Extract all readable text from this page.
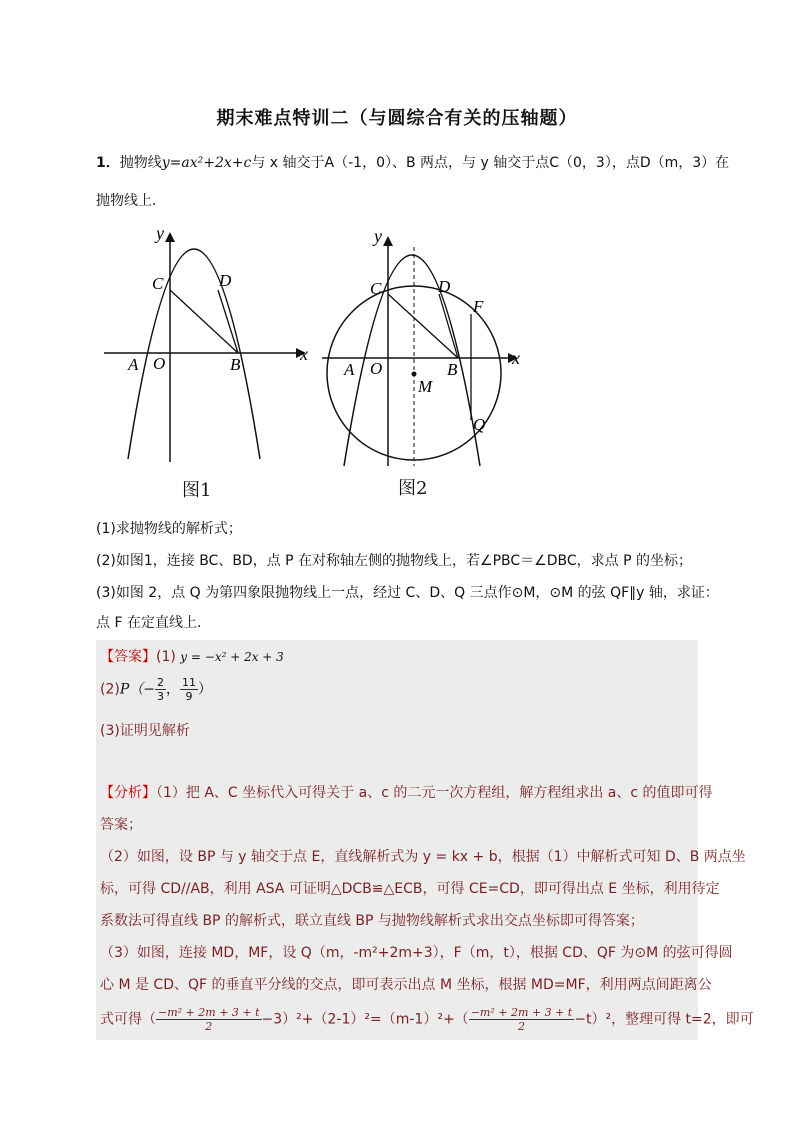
期末难点特训二（与圆综合有关的压轴题）
1．抛物线y=ax²+2x+c与 x 轴交于A（-1，0）、B 两点，与 y 轴交于点C（0，3），点D（m，3）在
抛物线上．
y
x
C	D
A O	B
图1
y
x
C	D
F
A O	B
M
Q
图2
(1)求抛物线的解析式；
(2)如图1，连接 BC、BD，点 P 在对称轴左侧的抛物线上，若∠PBC＝∠DBC，求点 P 的坐标；
(3)如图 2，点 Q 为第四象限抛物线上一点，经过 C、D、Q 三点作⊙M，⊙M 的弦 QF∥y 轴，求证：
点 F 在定直线上．
【答案】(1) y = −x² + 2x + 3
$(2)P(- \frac{2}{3}$ ， $\frac{11}{9}$ ）
(3)证明见解析
【分析】（1）把 A、C 坐标代入可得关于 a、c 的二元一次方程组，解方程组求出 a、c 的值即可得
答案；
（2）如图，设 BP 与 y 轴交于点 E，直线解析式为 y = kx + b，根据（1）中解析式可知 D、B 两点坐
标，可得 CD//AB，利用 ASA 可证明△DCB≌△ECB，可得 CE=CD，即可得出点 E 坐标，利用待定
系数法可得直线 BP 的解析式，联立直线 BP 与抛物线解析式求出交点坐标即可得答案；
（3）如图，连接 MD，MF，设 Q（m，-m²+2m+3），F（m，t），根据 CD、QF 为⊙M 的弦可得圆
心 M 是 CD、QF 的垂直平分线的交点，即可表示出点 M 坐标，根据 MD=MF，利用两点间距离公
式可得（ $\frac{\text{−m² + 2m + 3 + t}}{2} -3)^2+(2-1)^2=(m-1)^2+( \frac{\text{−m² + 2m + 3 + t}}{2} -t)^2$，整理可得 t=2，即可
